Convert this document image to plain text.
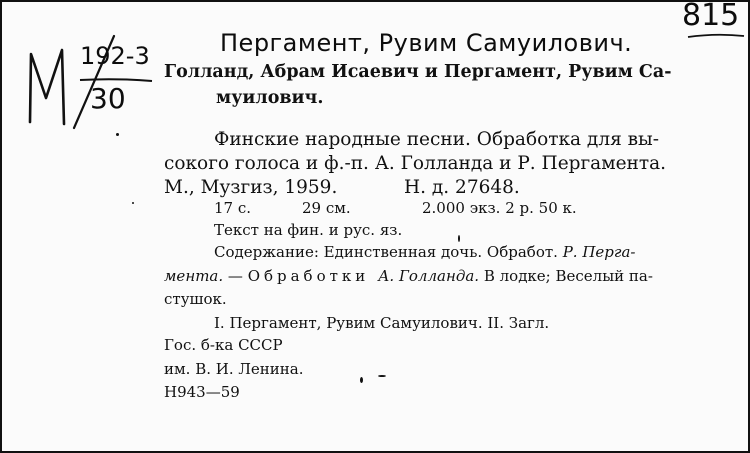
192-3
30
815
Пергамент, Рувим Самуилович.
Голланд, Абрам Исаевич и Пергамент, Рувим Са-
муилович.
Финские народные песни. Обработка для вы-
сокого голоса и ф.-п. А. Голланда и Р. Пергамента.
М., Музгиз, 1959.	Н. д. 27648.
17 с.	29 см.	2.000 экз. 2 р. 50 к.
Текст на фин. и рус. яз.
Содержание: Единственная дочь. Обработ. Р. Перга-
мента. — Обработки А. Голланда. В лодке; Веселый па-
стушок.
I. Пергамент, Рувим Самуилович. II. Загл.
Гос. б-ка СССР
им. В. И. Ленина.
Н943—59
